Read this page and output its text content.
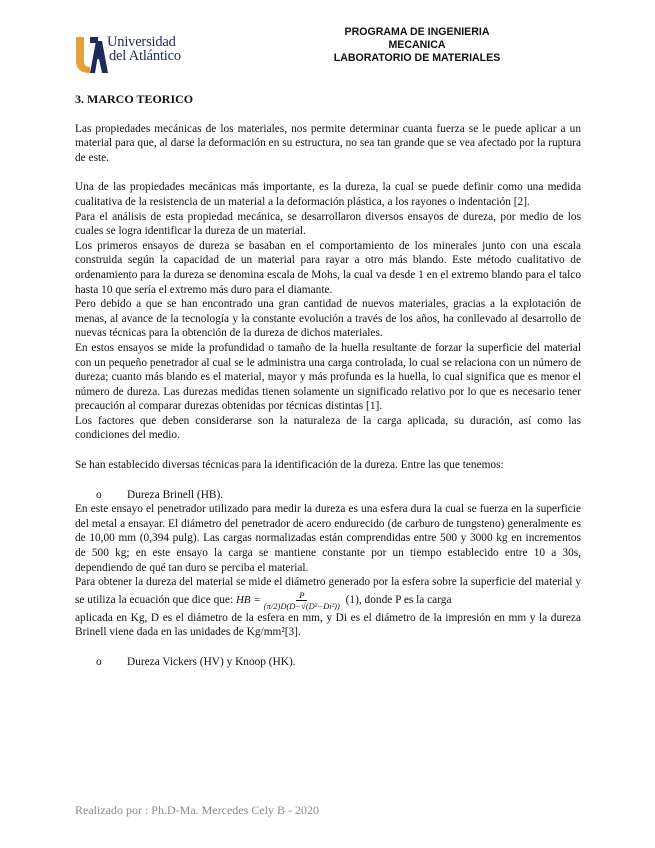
Universidad
del Atlántico
PROGRAMA DE INGENIERIA
MECANICA
LABORATORIO DE MATERIALES

3. MARCO TEORICO

Las propiedades mecánicas de los materiales, nos permite determinar cuanta fuerza se le puede aplicar a un material para que, al darse la deformación en su estructura, no sea tan grande que se vea afectado por la ruptura de este.

Una de las propiedades mecánicas más importante, es la dureza, la cual se puede definir como una medida cualitativa de la resistencia de un material a la deformación plástica, a los rayones o indentación [2].

Para el análisis de esta propiedad mecánica, se desarrollaron diversos ensayos de dureza, por medio de los cuales se logra identificar la dureza de un material.

Los primeros ensayos de dureza se basaban en el comportamiento de los minerales junto con una escala construida según la capacidad de un material para rayar a otro más blando. Este método cualitativo de ordenamiento para la dureza se denomina escala de Mohs, la cual va desde 1 en el extremo blando para el talco hasta 10 que sería el extremo más duro para el diamante.

Pero debido a que se han encontrado una gran cantidad de nuevos materiales, gracias a la explotación de menas, al avance de la tecnología y la constante evolución a través de los años, ha conllevado al desarrollo de nuevas técnicas para la obtención de la dureza de dichos materiales.

En estos ensayos se mide la profundidad o tamaño de la huella resultante de forzar la superficie del material con un pequeño penetrador al cual se le administra una carga controlada, lo cual se relaciona con un número de dureza; cuanto más blando es el material, mayor y más profunda es la huella, lo cual significa que es menor el número de dureza. Las durezas medidas tienen solamente un significado relativo por lo que es necesario tener precaución al comparar durezas obtenidas por técnicas distintas [1].

Los factores que deben considerarse son la naturaleza de la carga aplicada, su duración, así como las condiciones del medio.

Se han establecido diversas técnicas para la identificación de la dureza. Entre las que tenemos:

o Dureza Brinell (HB).

En este ensayo el penetrador utilizado para medir la dureza es una esfera dura la cual se fuerza en la superficie del metal a ensayar. El diámetro del penetrador de acero endurecido (de carburo de tungsteno) generalmente es de 10,00 mm (0,394 pulg). Las cargas normalizadas están comprendidas entre 500 y 3000 kg en incrementos de 500 kg; en este ensayo la carga se mantiene constante por un tiempo establecido entre 10 a 30s, dependiendo de qué tan duro se perciba el material.

Para obtener la dureza del material se mide el diámetro generado por la esfera sobre la superficie del material y se utiliza la ecuación que dice que: HB = $\frac{P}{\text{(π/2)D(D−√(D²−Di²))}} (1)$, donde P es la carga

aplicada en Kg, D es el diámetro de la esfera en mm, y Di es el diámetro de la impresión en mm y la dureza Brinell viene dada en las unidades de Kg/mm²[3].

o Dureza Vickers (HV) y Knoop (HK).

Realizado por : Ph.D-Ma. Mercedes Cely B - 2020
